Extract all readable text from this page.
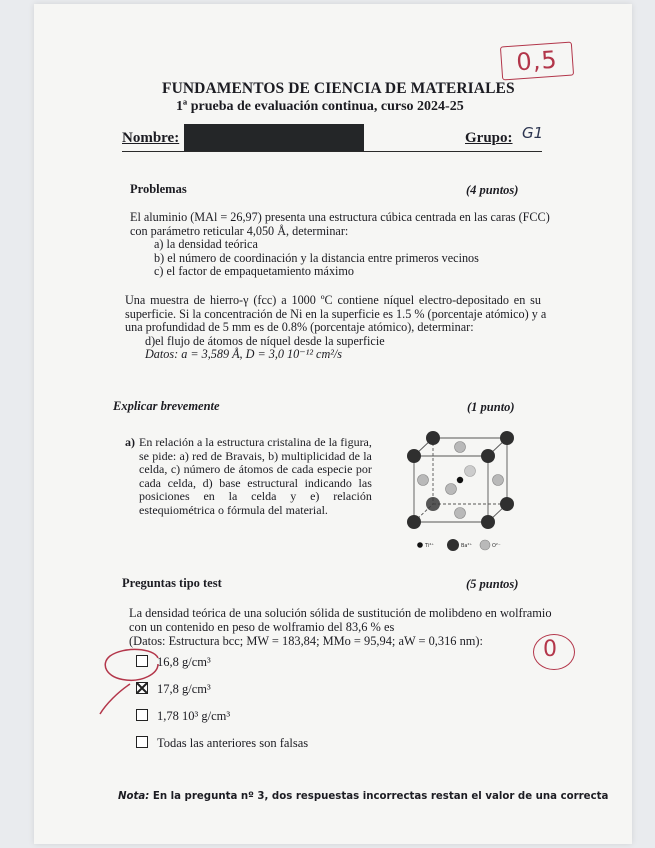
FUNDAMENTOS DE CIENCIA DE MATERIALES
1ª prueba de evaluación continua, curso 2024-25
0,5
Nombre:	Grupo: G1
Problemas	(4 puntos)
El aluminio (MAl = 26,97) presenta una estructura cúbica centrada en las caras (FCC)
con parámetro reticular 4,050 Å, determinar:
a) la densidad teórica
b) el número de coordinación y la distancia entre primeros vecinos
c) el factor de empaquetamiento máximo
Una muestra de hierro-γ (fcc) a 1000 ºC contiene níquel electro-depositado en su
superficie. Si la concentración de Ni en la superficie es 1.5 % (porcentaje atómico) y a
una profundidad de 5 mm es de 0.8% (porcentaje atómico), determinar:
d)el flujo de átomos de níquel desde la superficie
Datos: a = 3,589 Å, D = 3,0 10⁻¹² cm²/s
Explicar brevemente	(1 punto)
a) En relación a la estructura cristalina de la figura,
se pide: a) red de Bravais, b) multiplicidad de la
celda, c) número de átomos de cada especie por
cada celda, d) base estructural indicando las
posiciones en la celda y e) relación
estequiométrica o fórmula del material.
Ti⁴⁺	Ba²⁺	O²⁻
Preguntas tipo test	(5 puntos)
La densidad teórica de una solución sólida de sustitución de molibdeno en wolframio
con un contenido en peso de wolframio del 83,6 % es
(Datos: Estructura bcc; MW = 183,84; MMo = 95,94; aW = 0,316 nm):
16,8 g/cm³
17,8 g/cm³
1,78 10³ g/cm³
Todas las anteriores son falsas
0
Nota: En la pregunta nº 3, dos respuestas incorrectas restan el valor de una correcta
